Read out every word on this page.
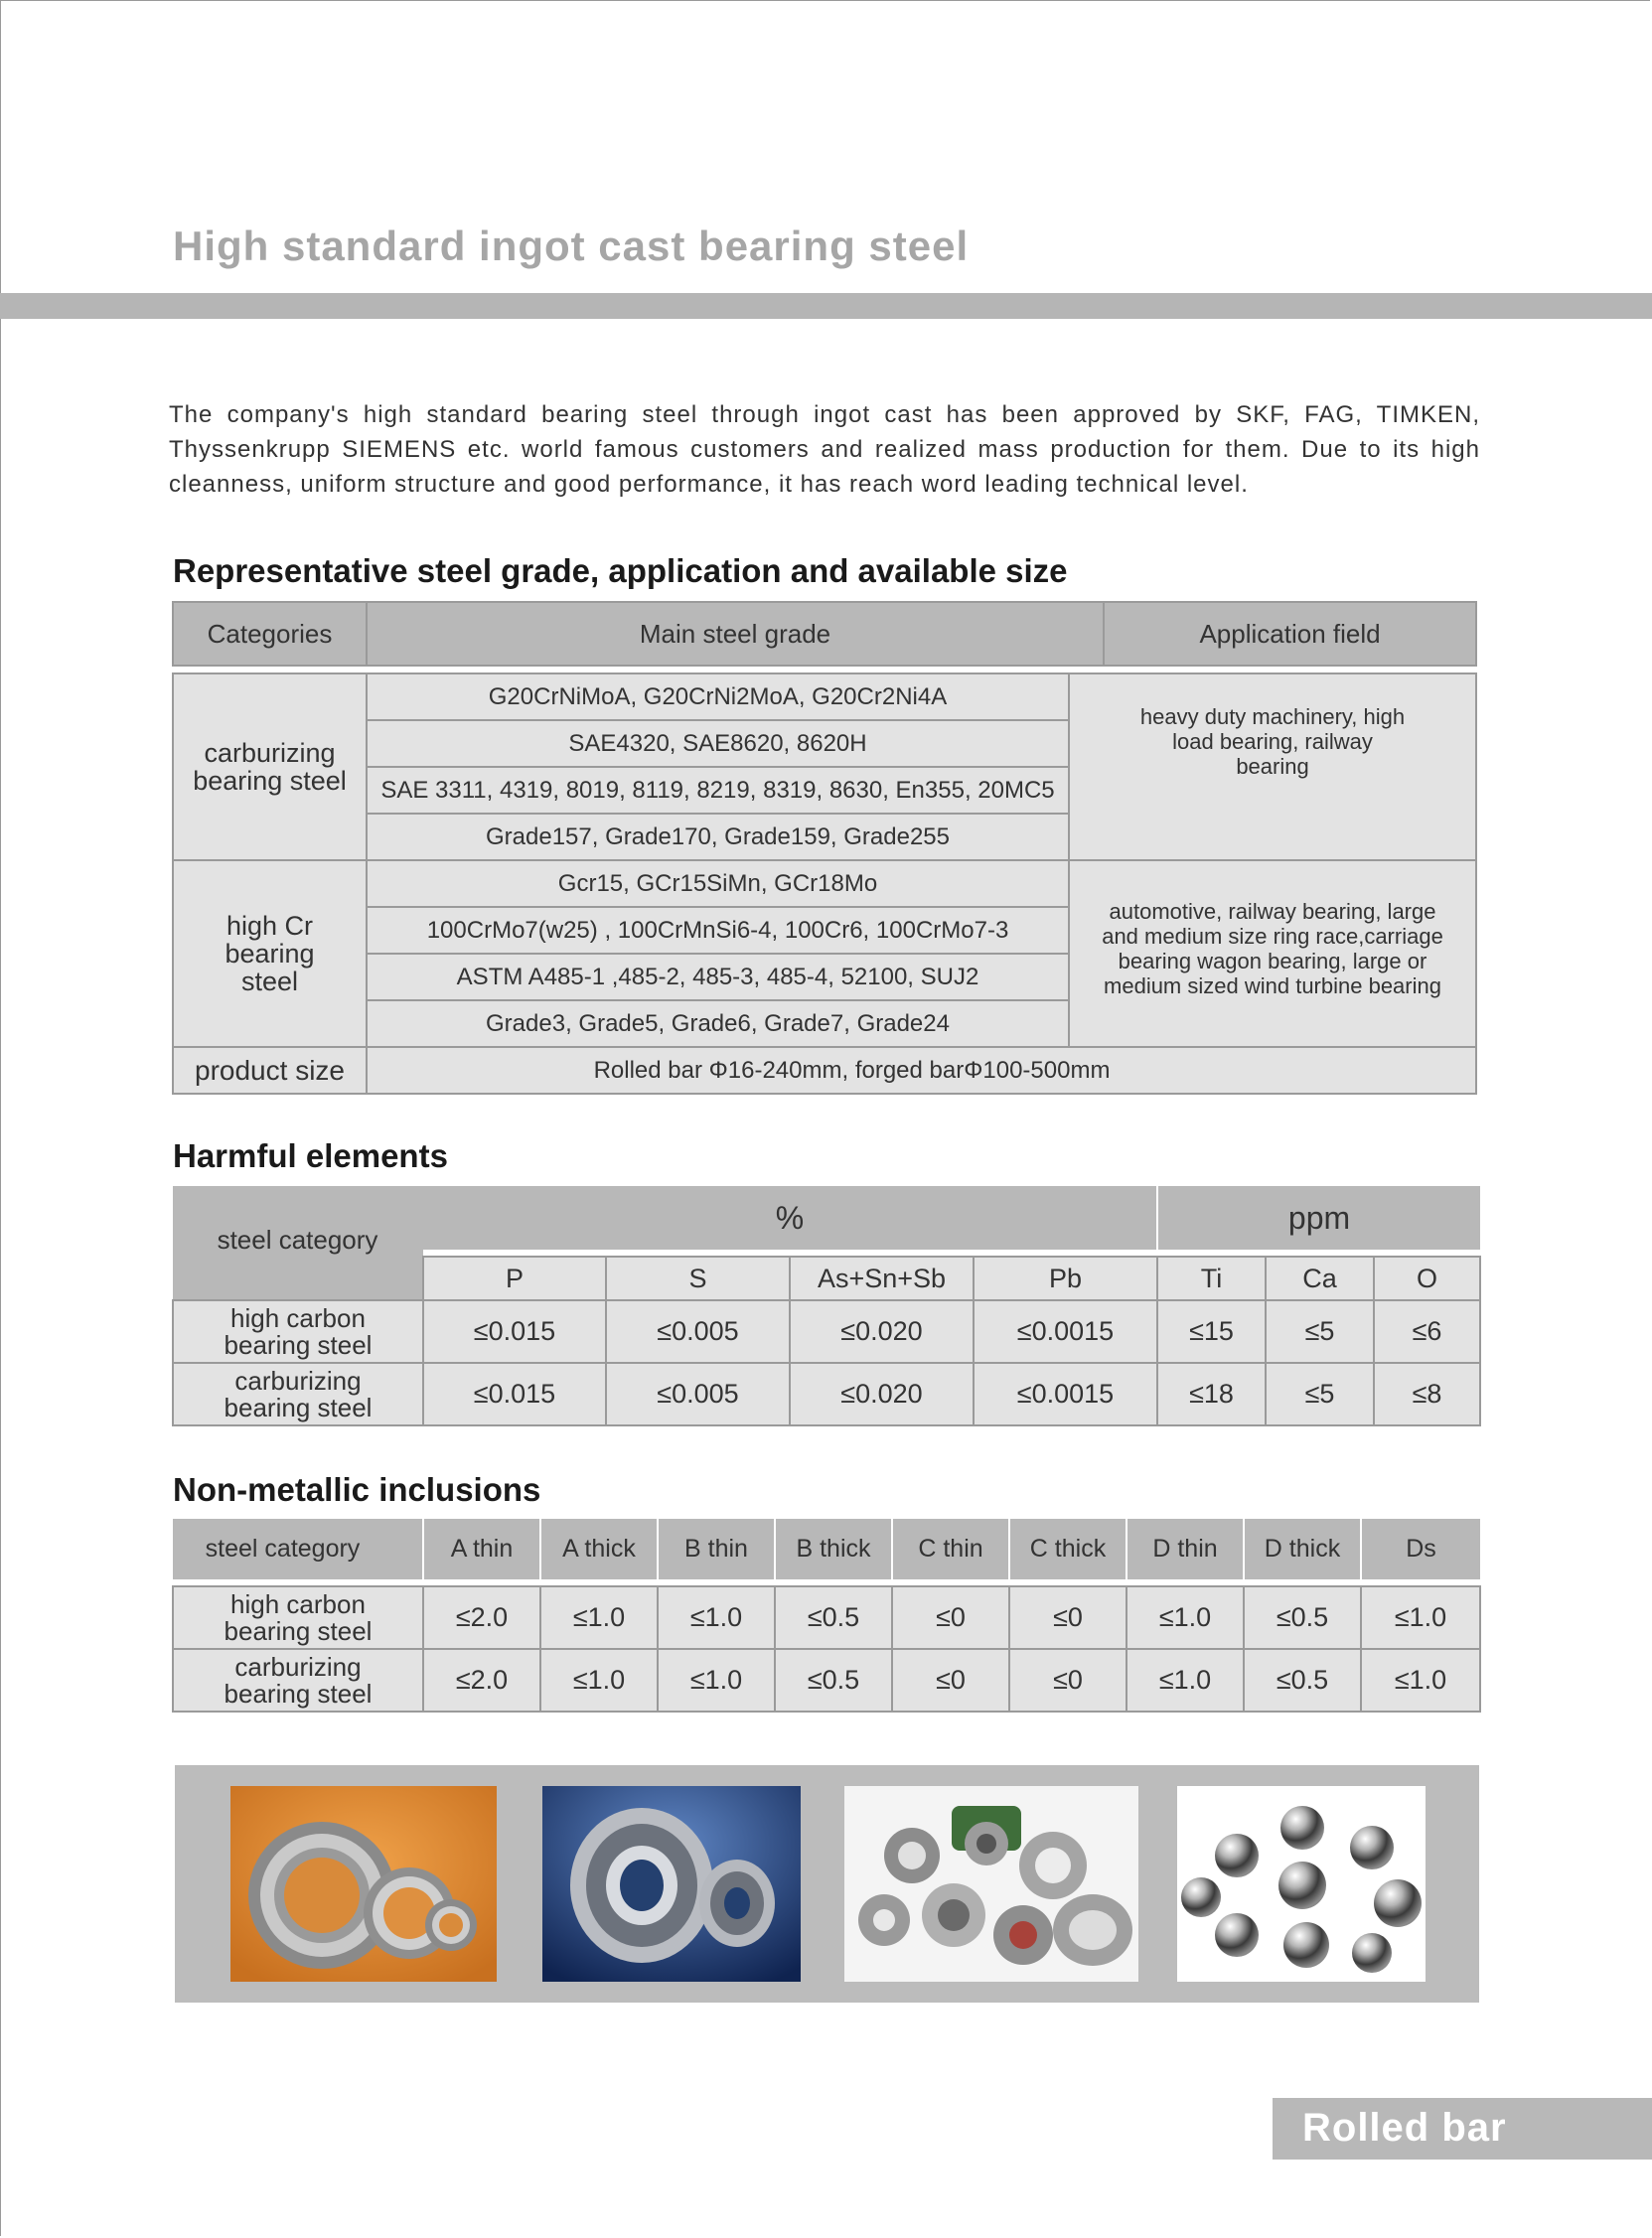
High standard ingot cast bearing steel
The company's high standard bearing steel through ingot cast has been approved by SKF, FAG, TIMKEN, Thyssenkrupp SIEMENS etc. world famous customers and realized mass production for them. Due to its high cleanness, uniform structure and good performance, it has reach word leading technical level.
Representative steel grade, application and available size
Categories	Main steel grade		Application field

carburizing bearing steel	G20CrNiMoA, G20CrNi2MoA, G20Cr2Ni4A	heavy duty machinery, high load bearing, railway bearing	
	SAE4320, SAE8620, 8620H		
	SAE 3311, 4319, 8019, 8119, 8219, 8319, 8630, En355, 20MC5		
	Grade157, Grade170, Grade159, Grade255		
high Cr bearing steel	Gcr15, GCr15SiMn, GCr18Mo	automotive, railway bearing, large and medium size ring race,carriage bearing wagon bearing, large or medium sized wind turbine bearing	
	100CrMo7(w25) , 100CrMnSi6-4, 100Cr6, 100CrMo7-3		
	ASTM A485-1 ,485-2, 485-3, 485-4, 52100, SUJ2		
	Grade3, Grade5, Grade6, Grade7, Grade24		
product size	Rolled bar Φ16-240mm, forged barΦ100-500mm		
Harmful elements
steel category	%				ppm		

	P	S	As+Sn+Sb	Pb	Ti	Ca	O
high carbon bearing steel	≤0.015	≤0.005	≤0.020	≤0.0015	≤15	≤5	≤6
carburizing bearing steel	≤0.015	≤0.005	≤0.020	≤0.0015	≤18	≤5	≤8
Non-metallic inclusions
steel category	A thin	A thick	B thin	B thick	C thin	C thick	D thin	D thick	Ds

high carbon bearing steel	≤2.0	≤1.0	≤1.0	≤0.5	≤0	≤0	≤1.0	≤0.5	≤1.0
carburizing bearing steel	≤2.0	≤1.0	≤1.0	≤0.5	≤0	≤0	≤1.0	≤0.5	≤1.0
Rolled bar
